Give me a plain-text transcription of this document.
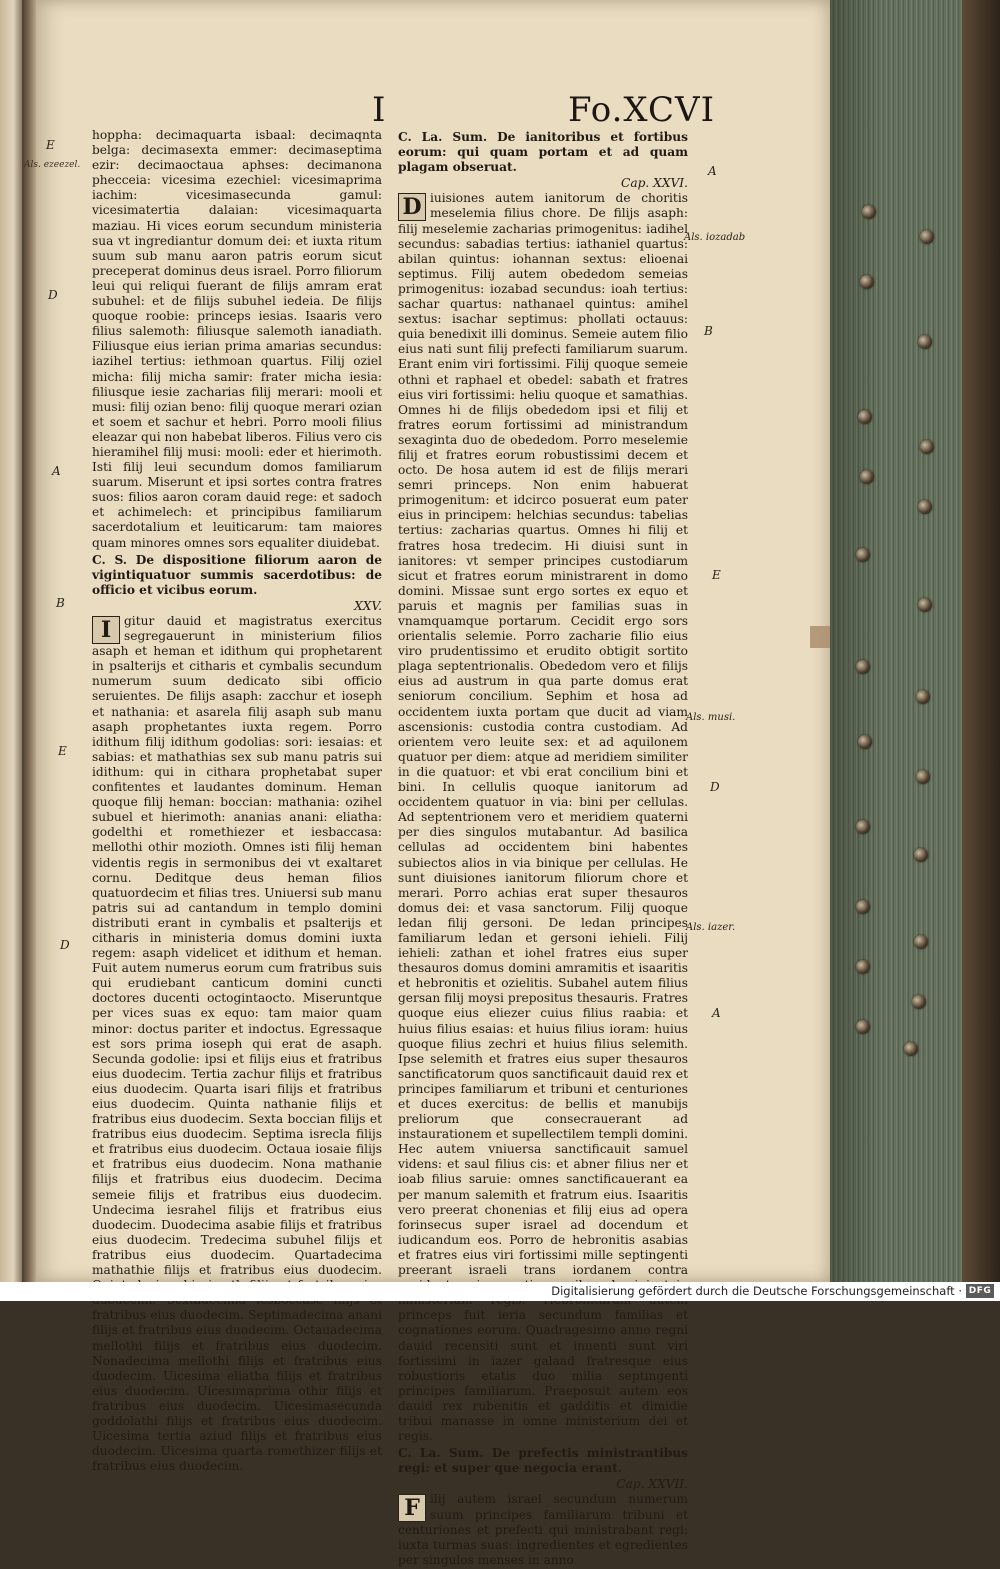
I	Fo.XCVI

hoppha: decimaquarta isbaal: decimaqnta belga: decimasexta emmer: decimaseptima ezir: decimaoctaua aphses: decimanona phecceia: vicesima ezechiel: vicesimaprima iachim: vicesimasecunda gamul: vicesimatertia dalaian: vicesimaquarta maziau. Hi vices eorum secundum ministeria sua vt ingrediantur domum dei: et iuxta ritum suum sub manu aaron patris eorum sicut preceperat dominus deus israel. Porro filiorum leui qui reliqui fuerant de filijs amram erat subuhel: et de filijs subuhel iedeia. De filijs quoque roobie: princeps iesias. Isaaris vero filius salemoth: filiusque salemoth ianadiath. Filiusque eius ierian prima amarias secundus: iazihel tertius: iethmoan quartus. Filij oziel micha: filij micha samir: frater micha iesia: filiusque iesie zacharias filij merari: mooli et musi: filij ozian beno: filij quoque merari ozian et soem et sachur et hebri. Porro mooli filius eleazar qui non habebat liberos. Filius vero cis hieramihel filij musi: mooli: eder et hierimoth. Isti filij leui secundum domos familiarum suarum. Miserunt et ipsi sortes contra fratres suos: filios aaron coram dauid rege: et sadoch et achimelech: et principibus familiarum sacerdotalium et leuiticarum: tam maiores quam minores omnes sors equaliter diuidebat.

C. S. De dispositione filiorum aaron de vigintiquatuor summis sacerdotibus: de officio et vicibus eorum.

XXV.

I	gitur dauid et magistratus exercitus segregauerunt in ministerium filios asaph et heman et idithum qui prophetarent in psalterijs et citharis et cymbalis secundum numerum suum dedicato sibi officio seruientes. De filijs asaph: zacchur et ioseph et nathania: et asarela filij asaph sub manu asaph prophetantes iuxta regem. Porro idithum filij idithum godolias: sori: iesaias: et sabias: et mathathias sex sub manu patris sui idithum: qui in cithara prophetabat super confitentes et laudantes dominum. Heman quoque filij heman: boccian: mathania: ozihel subuel et hierimoth: ananias anani: eliatha: godelthi et romethiezer et iesbaccasa: mellothi othir mozioth. Omnes isti filij heman videntis regis in sermonibus dei vt exaltaret cornu. Deditque deus heman filios quatuordecim et filias tres. Uniuersi sub manu patris sui ad cantandum in templo domini distributi erant in cymbalis et psalterijs et citharis in ministeria domus domini iuxta regem: asaph videlicet et idithum et heman. Fuit autem numerus eorum cum fratribus suis qui erudiebant canticum domini cuncti doctores ducenti octogintaocto. Miseruntque per vices suas ex equo: tam maior quam minor: doctus pariter et indoctus. Egressaque est sors prima ioseph qui erat de asaph. Secunda godolie: ipsi et filijs eius et fratribus eius duodecim. Tertia zachur filijs et fratribus eius duodecim. Quarta isari filijs et fratribus eius duodecim. Quinta nathanie filijs et fratribus eius duodecim. Sexta boccian filijs et fratribus eius duodecim. Septima isrecla filijs et fratribus eius duodecim. Octaua iosaie filijs et fratribus eius duodecim. Nona mathanie filijs et fratribus eius duodecim. Decima semeie filijs et fratribus eius duodecim. Undecima iesrahel filijs et fratribus eius duodecim. Duodecima asabie filijs et fratribus eius duodecim. Tredecima subuhel filijs et fratribus eius duodecim. Quartadecima mathathie filijs et fratribus eius duodecim. fratribus eius duodecim. Septimadecima anani filijs et fratribus eius duodecim. Octauadecima mellothi filijs et fratribus eius duodecim. Nonadecima mellothi filijs et fratribus eius duodecim. Uicesima eliatha filijs et fratribus eius duodecim. Uicesimaprima othir filijs et fratribus eius duodecim. Uicesimasecunda goddolathi filijs et fratribus eius duodecim. Uicesima tertia aziud filijs et fratribus eius duodecim. Uicesima quarta romethizer filijs et fratribus eius duodecim.

C. La. Sum. De ianitoribus et fortibus eorum: qui quam portam et ad quam plagam obseruat.

Cap. XXVI.

D iuisiones autem ianitorum de choritis meselemia filius chore. De filijs asaph: filij meselemie zacharias primogenitus: iadihel secundus: sabadias tertius: iathaniel quartus: abilan quintus: iohannan sextus: elioenai septimus. Filij autem obededom semeias primogenitus: iozabad secundus: ioah tertius: sachar quartus: nathanael quintus: amihel sextus: isachar septimus: phollati octauus: quia benedixit illi dominus. Semeie autem filio eius nati sunt filij prefecti familiarum suarum. Erant enim viri fortissimi. Filij quoque semeie othni et raphael et obedel: sabath et fratres eius viri fortissimi: heliu quoque et samathias. Omnes hi de filijs obededom ipsi et filij et fratres eorum fortissimi ad ministrandum sexaginta duo de obededom. Porro meselemie filij et fratres eorum robustissimi decem et octo. De hosa autem id est de filijs merari semri princeps. Non enim habuerat primogenitum: et idcirco posuerat eum pater eius in principem: helchias secundus: tabelias tertius: zacharias quartus. Omnes hi filij et fratres hosa tredecim. Hi diuisi sunt in ianitores: vt semper principes custodiarum sicut et fratres eorum ministrarent in domo domini. Missae sunt ergo sortes ex equo et paruis et magnis per familias suas in vnamquamque portarum. Cecidit ergo sors orientalis selemie. Porro zacharie filio eius viro prudentissimo et erudito obtigit sortito plaga septentrionalis. Obededom vero et filijs eius ad austrum in qua parte domus erat seniorum concilium. Sephim et hosa ad occidentem iuxta portam que ducit ad viam ascensionis: custodia contra custodiam. Ad orientem vero leuite sex: et ad aquilonem quatuor per diem: atque ad meridiem similiter in die quatuor: et vbi erat concilium bini et bini. In cellulis quoque ianitorum ad occidentem quatuor in via: bini per cellulas. Ad septentrionem vero et meridiem quaterni per dies singulos mutabantur. Ad basilica cellulas ad occidentem bini habentes subiectos alios in via binique per cellulas. He sunt diuisiones ianitorum filiorum chore et merari. Porro achias erat super thesauros domus dei: et vasa sanctorum. Filij quoque ledan filij gersoni. De ledan principes familiarum ledan et gersoni iehieli. Filij iehieli: zathan et iohel fratres eius super thesauros domus domini amramitis et isaaritis et hebronitis et ozielitis. Subahel autem filius gersan filij moysi prepositus thesauris. Fratres quoque eius eliezer cuius filius raabia: et huius filius esaias: et huius filius ioram: huius quoque filius zechri et huius filius selemith. Ipse selemith et fratres eius super thesauros sanctificatorum quos sanctificauit dauid rex et principes familiarum et tribuni et centuriones et duces exercitus: de bellis et manubijs preliorum que consecrauerant ad instaurationem et supellectilem templi domini. Hec autem vniuersa sanctificauit samuel videns: et saul filius cis: et abner filius ner et ioab filius saruie: omnes sanctificauerant ea per manum salemith et fratrum eius. Isaaritis vero preerat chonenias et filij eius ad opera forinsecus super israel ad docendum et iudicandum eos. Porro de hebronitis asabias et fratres eius viri fortissimi mille septingenti preerant israeli trans iordanem contra princeps fuit ieria secundum familias et cognationes eorum. Quadragesimo anno regni dauid recensiti sunt et inuenti sunt viri fortissimi in iazer galaad fratresque eius robustioris etatis duo milia septingenti principes familiarum. Praeposuit autem eos dauid rex rubenitis et gadditis et dimidie tribui manasse in omne ministerium dei et regis.

C. La. Sum. De prefectis ministrantibus regi: et super que negocia erant.

Cap. XXVII.

F ilij autem israel secundum numerum suum principes familiarum tribuni et centuriones et prefecti qui ministrabant regi: iuxta turmas suas: ingredientes et egredientes per singulos menses in anno

E
D
A
B
E
D
A
B
E
D
A
Als. ezeezel.
Als. iozadab
Als. musi.
Als. iazer.
Digitalisierung gefördert durch die Deutsche Forschungsgemeinschaft · DFG
